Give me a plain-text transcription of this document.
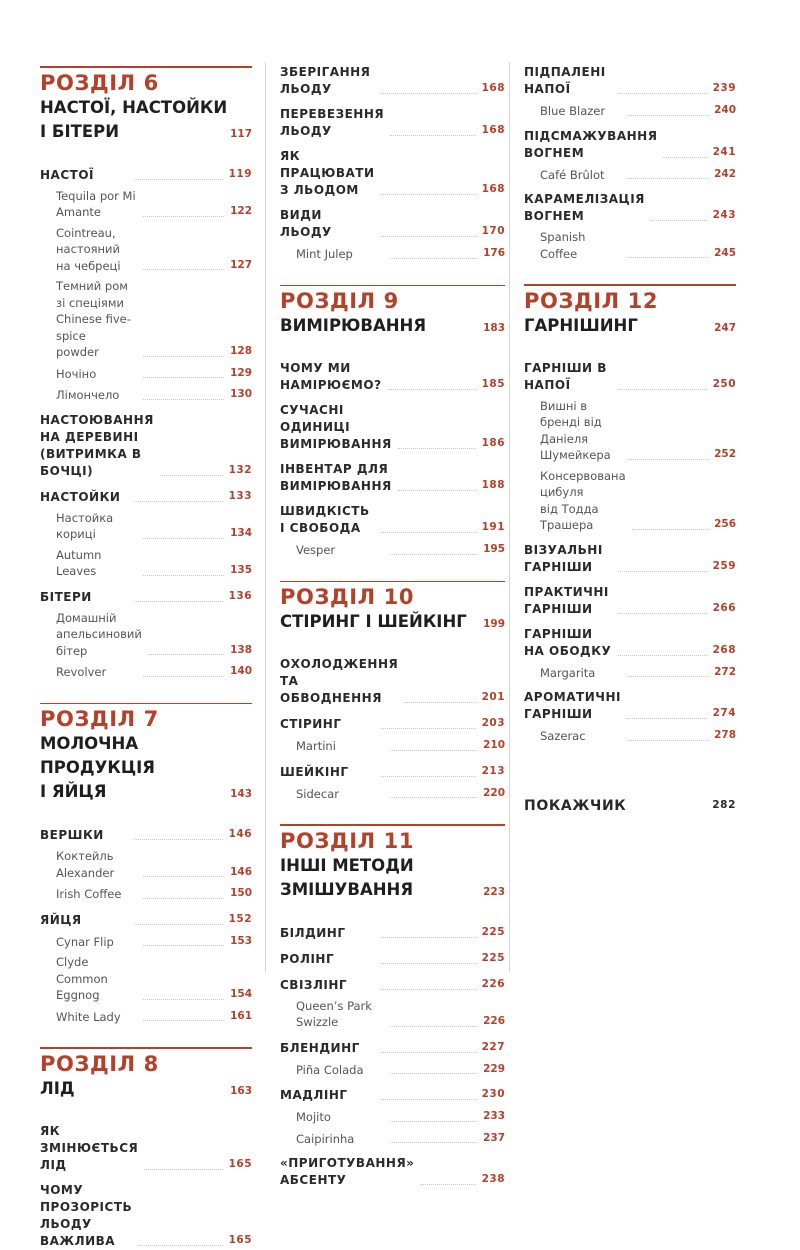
РОЗДІЛ 6
НАСТОЇ, НАСТОЙКИ
І БІТЕРИ	117
НАСТОЇ	119
Tequila por Mi Amante	122
Cointreau, настояний
на чебреці	127
Темний ром зі спеціями
Chinese five-spice
powder	128
Ночіно	129
Лімончело	130
НАСТОЮВАННЯ
НА ДЕРЕВИНІ
(ВИТРИМКА В БОЧЦІ)	132
НАСТОЙКИ	133
Настойка кориці	134
Autumn Leaves	135
БІТЕРИ	136
Домашній
апельсиновий бітер	138
Revolver	140
РОЗДІЛ 7
МОЛОЧНА
ПРОДУКЦІЯ
І ЯЙЦЯ	143
ВЕРШКИ	146
Коктейль Alexander	146
Irish Coffee	150
ЯЙЦЯ	152
Cynar Flip	153
Clyde Common
Eggnog	154
White Lady	161
РОЗДІЛ 8
ЛІД	163
ЯК ЗМІНЮЄТЬСЯ ЛІД	165
ЧОМУ ПРОЗОРІСТЬ
ЛЬОДУ ВАЖЛИВА	165
ЗБЕРІГАННЯ ЛЬОДУ	168
ПЕРЕВЕЗЕННЯ ЛЬОДУ	168
ЯК ПРАЦЮВАТИ
З ЛЬОДОМ	168
ВИДИ ЛЬОДУ	170
Mint Julep	176
РОЗДІЛ 9
ВИМІРЮВАННЯ	183
ЧОМУ МИ НАМІРЮЄМО?	185
СУЧАСНІ ОДИНИЦІ
ВИМІРЮВАННЯ	186
ІНВЕНТАР ДЛЯ
ВИМІРЮВАННЯ	188
ШВИДКІСТЬ І СВОБОДА	191
Vesper	195
РОЗДІЛ 10
СТІРИНГ І ШЕЙКІНГ	199
ОХОЛОДЖЕННЯ
ТА ОБВОДНЕННЯ	201
СТІРИНГ	203
Martini	210
ШЕЙКІНГ	213
Sidecar	220
РОЗДІЛ 11
ІНШІ МЕТОДИ
ЗМІШУВАННЯ	223
БІЛДИНГ	225
РОЛІНГ	225
СВІЗЛІНГ	226
Queen’s Park Swizzle	226
БЛЕНДИНГ	227
Piña Colada	229
МАДЛІНГ	230
Mojito	233
Caipirinha	237
«ПРИГОТУВАННЯ»
АБСЕНТУ	238
ПІДПАЛЕНІ НАПОЇ	239
Blue Blazer	240
ПІДСМАЖУВАННЯ
ВОГНЕМ	241
Café Brûlot	242
КАРАМЕЛІЗАЦІЯ
ВОГНЕМ	243
Spanish Coffee	245
РОЗДІЛ 12
ГАРНІШИНГ	247
ГАРНІШИ В НАПОЇ	250
Вишні в бренді від
Даніеля Шумейкера	252
Консервована цибуля
від Тодда Трашера	256
ВІЗУАЛЬНІ ГАРНІШИ	259
ПРАКТИЧНІ ГАРНІШИ	266
ГАРНІШИ НА ОБОДКУ	268
Margarita	272
АРОМАТИЧНІ ГАРНІШИ	274
Sazerac	278
ПОКАЖЧИК	282
